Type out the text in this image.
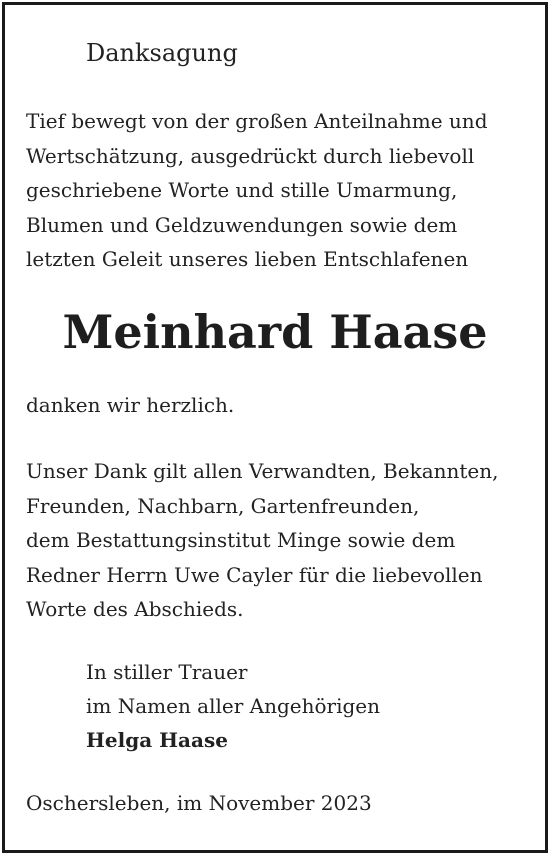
Danksagung
Tief bewegt von der großen Anteilnahme und
Wertschätzung, ausgedrückt durch liebevoll
geschriebene Worte und stille Umarmung,
Blumen und Geldzuwendungen sowie dem
letzten Geleit unseres lieben Entschlafenen
Meinhard Haase
danken wir herzlich.
Unser Dank gilt allen Verwandten, Bekannten,
Freunden, Nachbarn, Gartenfreunden,
dem Bestattungsinstitut Minge sowie dem
Redner Herrn Uwe Cayler für die liebevollen
Worte des Abschieds.
In stiller Trauer
im Namen aller Angehörigen
Helga Haase
Oschersleben, im November 2023
